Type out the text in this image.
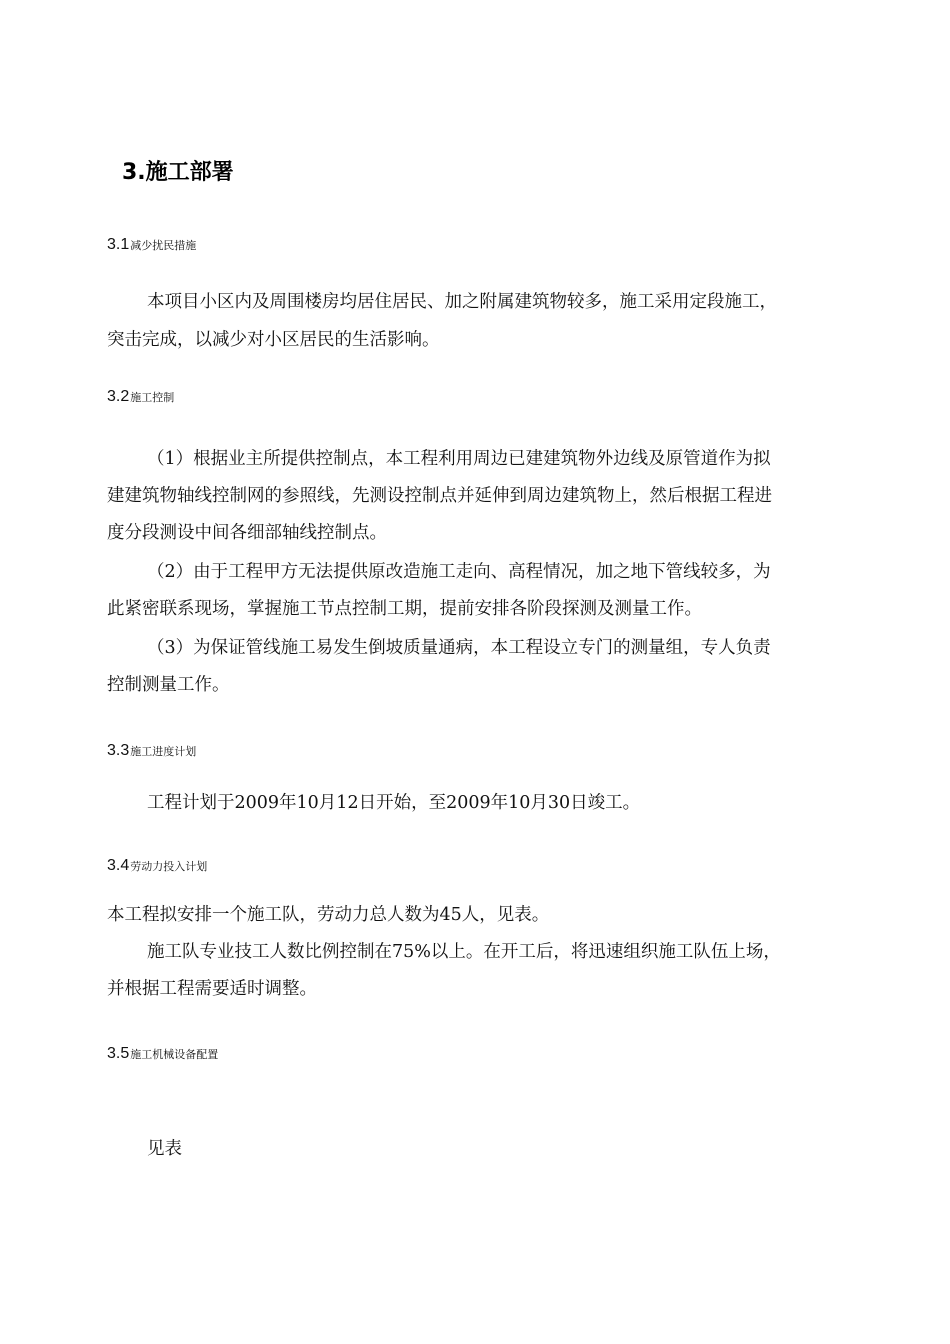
3.施工部署
3.1减少扰民措施

本项目小区内及周围楼房均居住居民、加之附属建筑物较多，施工采用定段施工，

突击完成，以减少对小区居民的生活影响。

3.2施工控制

（1）根据业主所提供控制点，本工程利用周边已建建筑物外边线及原管道作为拟

建建筑物轴线控制网的参照线，先测设控制点并延伸到周边建筑物上，然后根据工程进

度分段测设中间各细部轴线控制点。

（2）由于工程甲方无法提供原改造施工走向、高程情况，加之地下管线较多，为

此紧密联系现场，掌握施工节点控制工期，提前安排各阶段探测及测量工作。

（3）为保证管线施工易发生倒坡质量通病，本工程设立专门的测量组，专人负责

控制测量工作。

3.3施工进度计划

工程计划于2009年10月12日开始，至2009年10月30日竣工。

3.4劳动力投入计划

本工程拟安排一个施工队，劳动力总人数为45人，见表。

施工队专业技工人数比例控制在75%以上。在开工后，将迅速组织施工队伍上场，

并根据工程需要适时调整。

3.5施工机械设备配置

见表
